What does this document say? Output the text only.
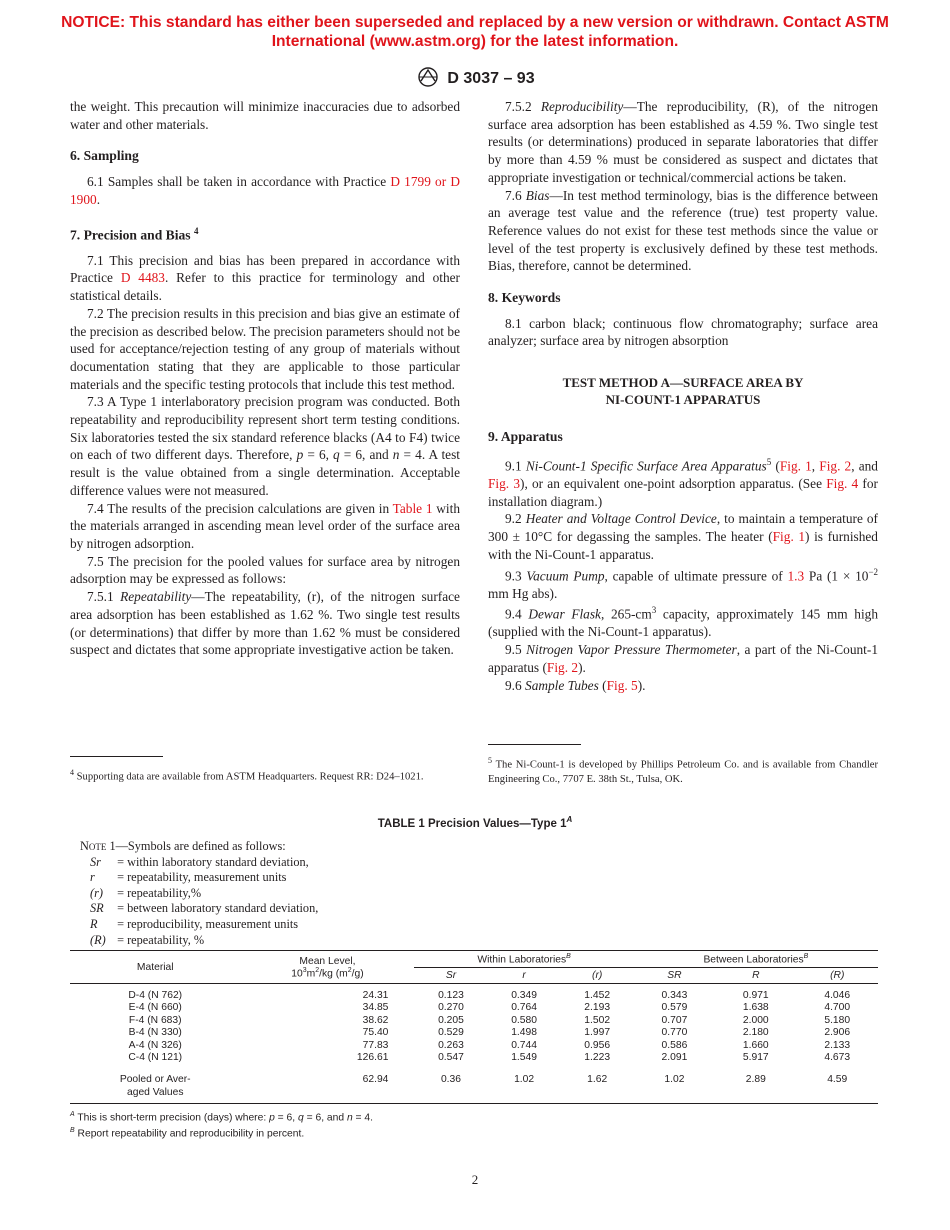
NOTICE: This standard has either been superseded and replaced by a new version or withdrawn. Contact ASTM International (www.astm.org) for the latest information.
D 3037 – 93

the weight. This precaution will minimize inaccuracies due to adsorbed water and other materials.

6. Sampling

6.1 Samples shall be taken in accordance with Practice D 1799 or D 1900.

7. Precision and Bias $^4$

7.1 This precision and bias has been prepared in accordance with Practice D 4483. Refer to this practice for terminology and other statistical details.

7.2 The precision results in this precision and bias give an estimate of the precision as described below. The precision parameters should not be used for acceptance/rejection testing of any group of materials without documentation stating that they are applicable to those particular materials and the specific testing protocols that include this test method.

7.3 A Type 1 interlaboratory precision program was conducted. Both repeatability and reproducibility represent short term testing conditions. Six laboratories tested the six standard reference blacks (A4 to F4) twice on each of two different days. Therefore, p = 6, q = 6, and n = 4. A test result is the value obtained from a single determination. Acceptable difference values were not measured.

7.4 The results of the precision calculations are given in Table 1 with the materials arranged in ascending mean level order of the surface area by nitrogen adsorption.

7.5 The precision for the pooled values for surface area by nitrogen adsorption may be expressed as follows:

7.5.1 Repeatability—The repeatability, (r), of the nitrogen surface area adsorption has been established as 1.62 %. Two single test results (or determinations) that differ by more than 1.62 % must be considered suspect and dictates that some appropriate investigative action be taken.

7.5.2 Reproducibility—The reproducibility, (R), of the nitrogen surface area adsorption has been established as 4.59 %. Two single test results (or determinations) produced in separate laboratories that differ by more than 4.59 % must be considered as suspect and dictates that appropriate investigation or technical/commercial actions be taken.

7.6 Bias—In test method terminology, bias is the difference between an average test value and the reference (true) test property value. Reference values do not exist for these test methods since the value or level of the test property is exclusively defined by these test methods. Bias, therefore, cannot be determined.

8. Keywords

8.1 carbon black; continuous flow chromatography; surface area analyzer; surface area by nitrogen absorption

TEST METHOD A—SURFACE AREA BY
NI-COUNT-1 APPARATUS
9. Apparatus

9.1 Ni-Count-1 Specific Surface Area Apparatus$^5$ (Fig. 1, Fig. 2, and Fig. 3), or an equivalent one-point adsorption apparatus. (See Fig. 4 for installation diagram.)

9.2 Heater and Voltage Control Device, to maintain a temperature of 300 ± 10°C for degassing the samples. The heater (Fig. 1) is furnished with the Ni-Count-1 apparatus.

9.3 Vacuum Pump, capable of ultimate pressure of 1.3 Pa ($1 \times 10^{-2}$ mm Hg abs).

9.4 Dewar Flask, $265-cm^3$ capacity, approximately 145 mm high (supplied with the Ni-Count-1 apparatus).

9.5 Nitrogen Vapor Pressure Thermometer, a part of the Ni-Count-1 apparatus (Fig. 2).

9.6 Sample Tubes (Fig. 5).

$^4$ Supporting data are available from ASTM Headquarters. Request RR: D24–1021.
$^5$ The Ni-Count-1 is developed by Phillips Petroleum Co. and is available from Chandler Engineering Co., 7707 E. 38th St., Tulsa, OK.
TABLE 1 Precision Values—Type $1^A$
Note 1—Symbols are defined as follows:
Sr = within laboratory standard deviation,
r = repeatability, measurement units
(r) = repeatability,%
SR = between laboratory standard deviation,
R = reproducibility, measurement units
(R) = repeatability, %
Material	Mean Level,
$10^3m^2/kg$ $(m^2/g)$	Within Laboratories$^B$			Between Laboratories$^B$
		Sr	r	(r)	SR	R	(R)

D-4 (N 762)	24.31	0.123	0.349	1.452	0.343	0.971	4.046
E-4 (N 660)	34.85	0.270	0.764	2.193	0.579	1.638	4.700
F-4 (N 683)	38.62	0.205	0.580	1.502	0.707	2.000	5.180
B-4 (N 330)	75.40	0.529	1.498	1.997	0.770	2.180	2.906
A-4 (N 326)	77.83	0.263	0.744	0.956	0.586	1.660	2.133
C-4 (N 121)	126.61	0.547	1.549	1.223	2.091	5.917	4.673

Pooled or Aver-
aged Values	62.94	0.36	1.02	1.62	1.02	2.89	4.59
$^A$ This is short-term precision (days) where: p = 6, q = 6, and n = 4.
$^B$ Report repeatability and reproducibility in percent.
2
